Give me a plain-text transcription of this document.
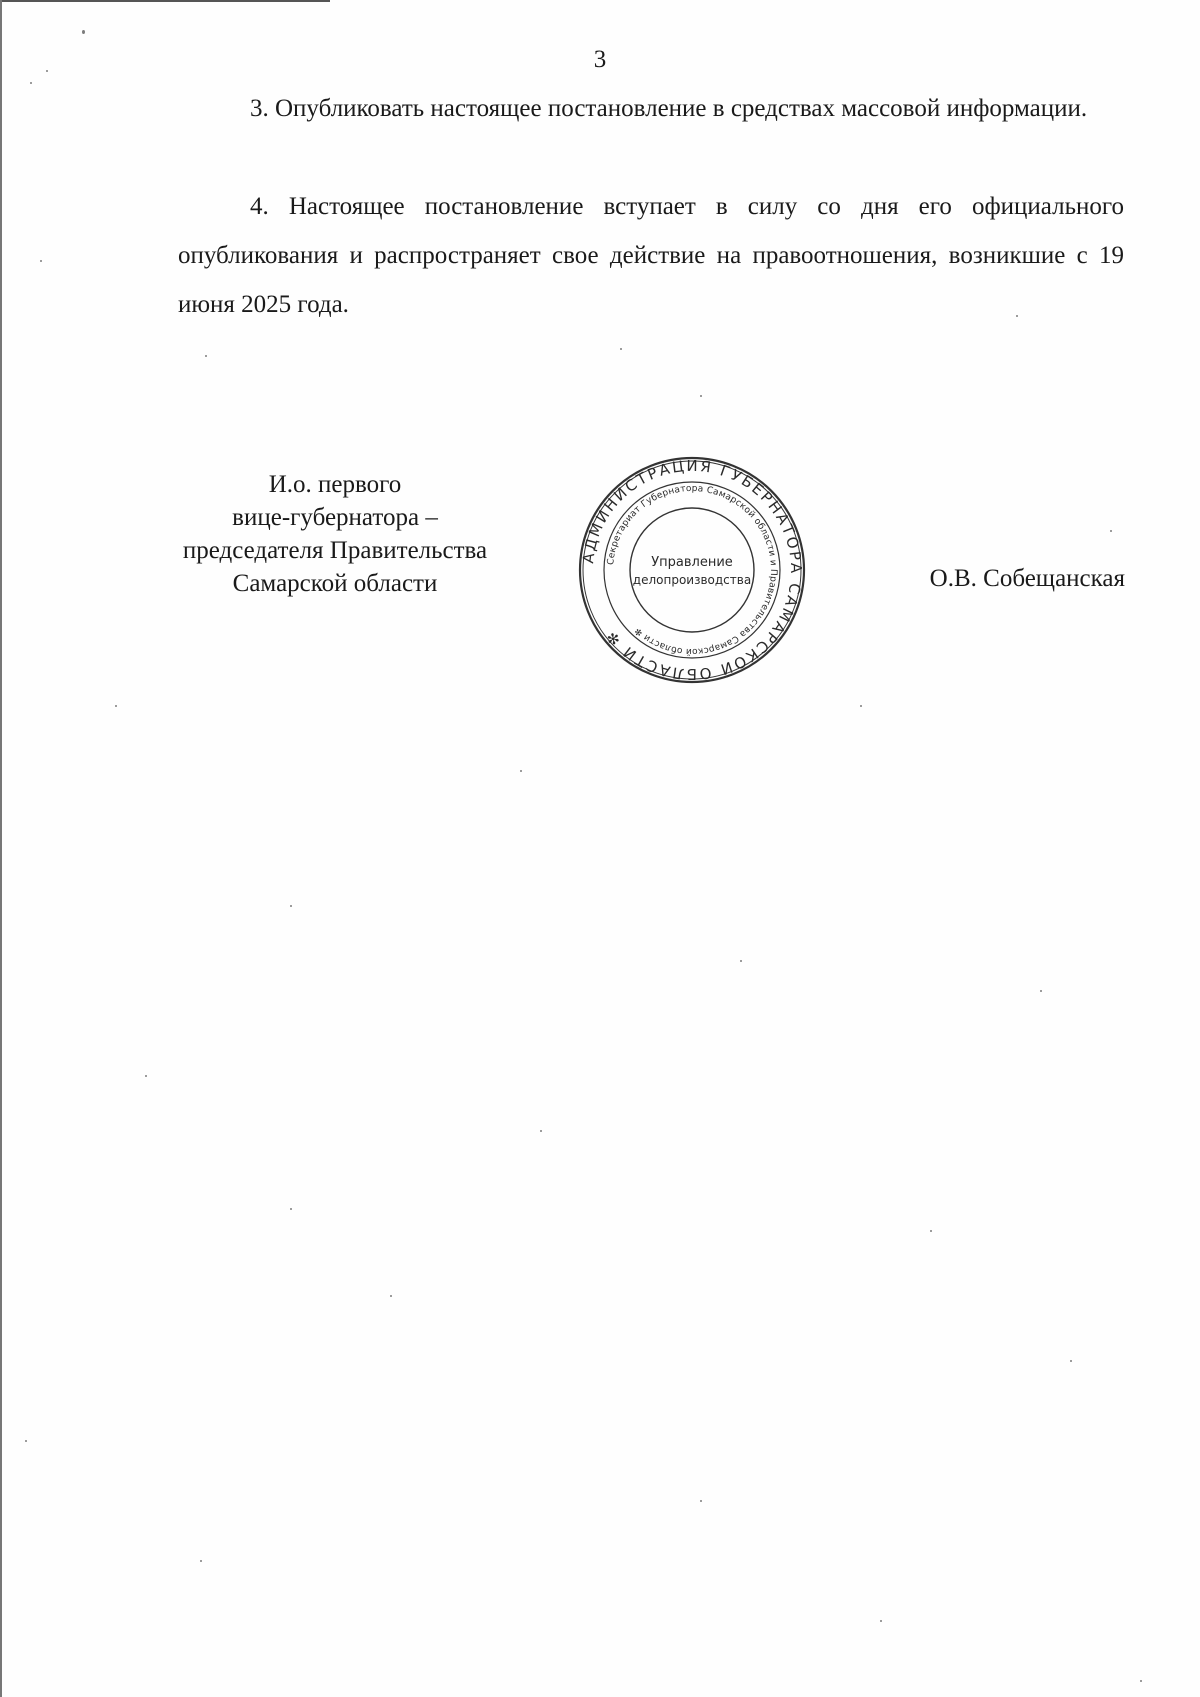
3

3. Опубликовать настоящее постановление в средствах массовой информации.

4. Настоящее постановление вступает в силу со дня его официального опубликования и распространяет свое действие на правоотношения, возникшие с 19 июня 2025 года.

И.о. первого
вице-губернатора –
председателя Правительства
Самарской области
АДМИНИСТРАЦИЯ ГУБЕРНАТОРА САМАРСКОЙ ОБЛАСТИ ✻
Секретариат Губернатора Самарской области и Правительства Самарской области ✻
Управление
делопроизводства	О.В. Собещанская
